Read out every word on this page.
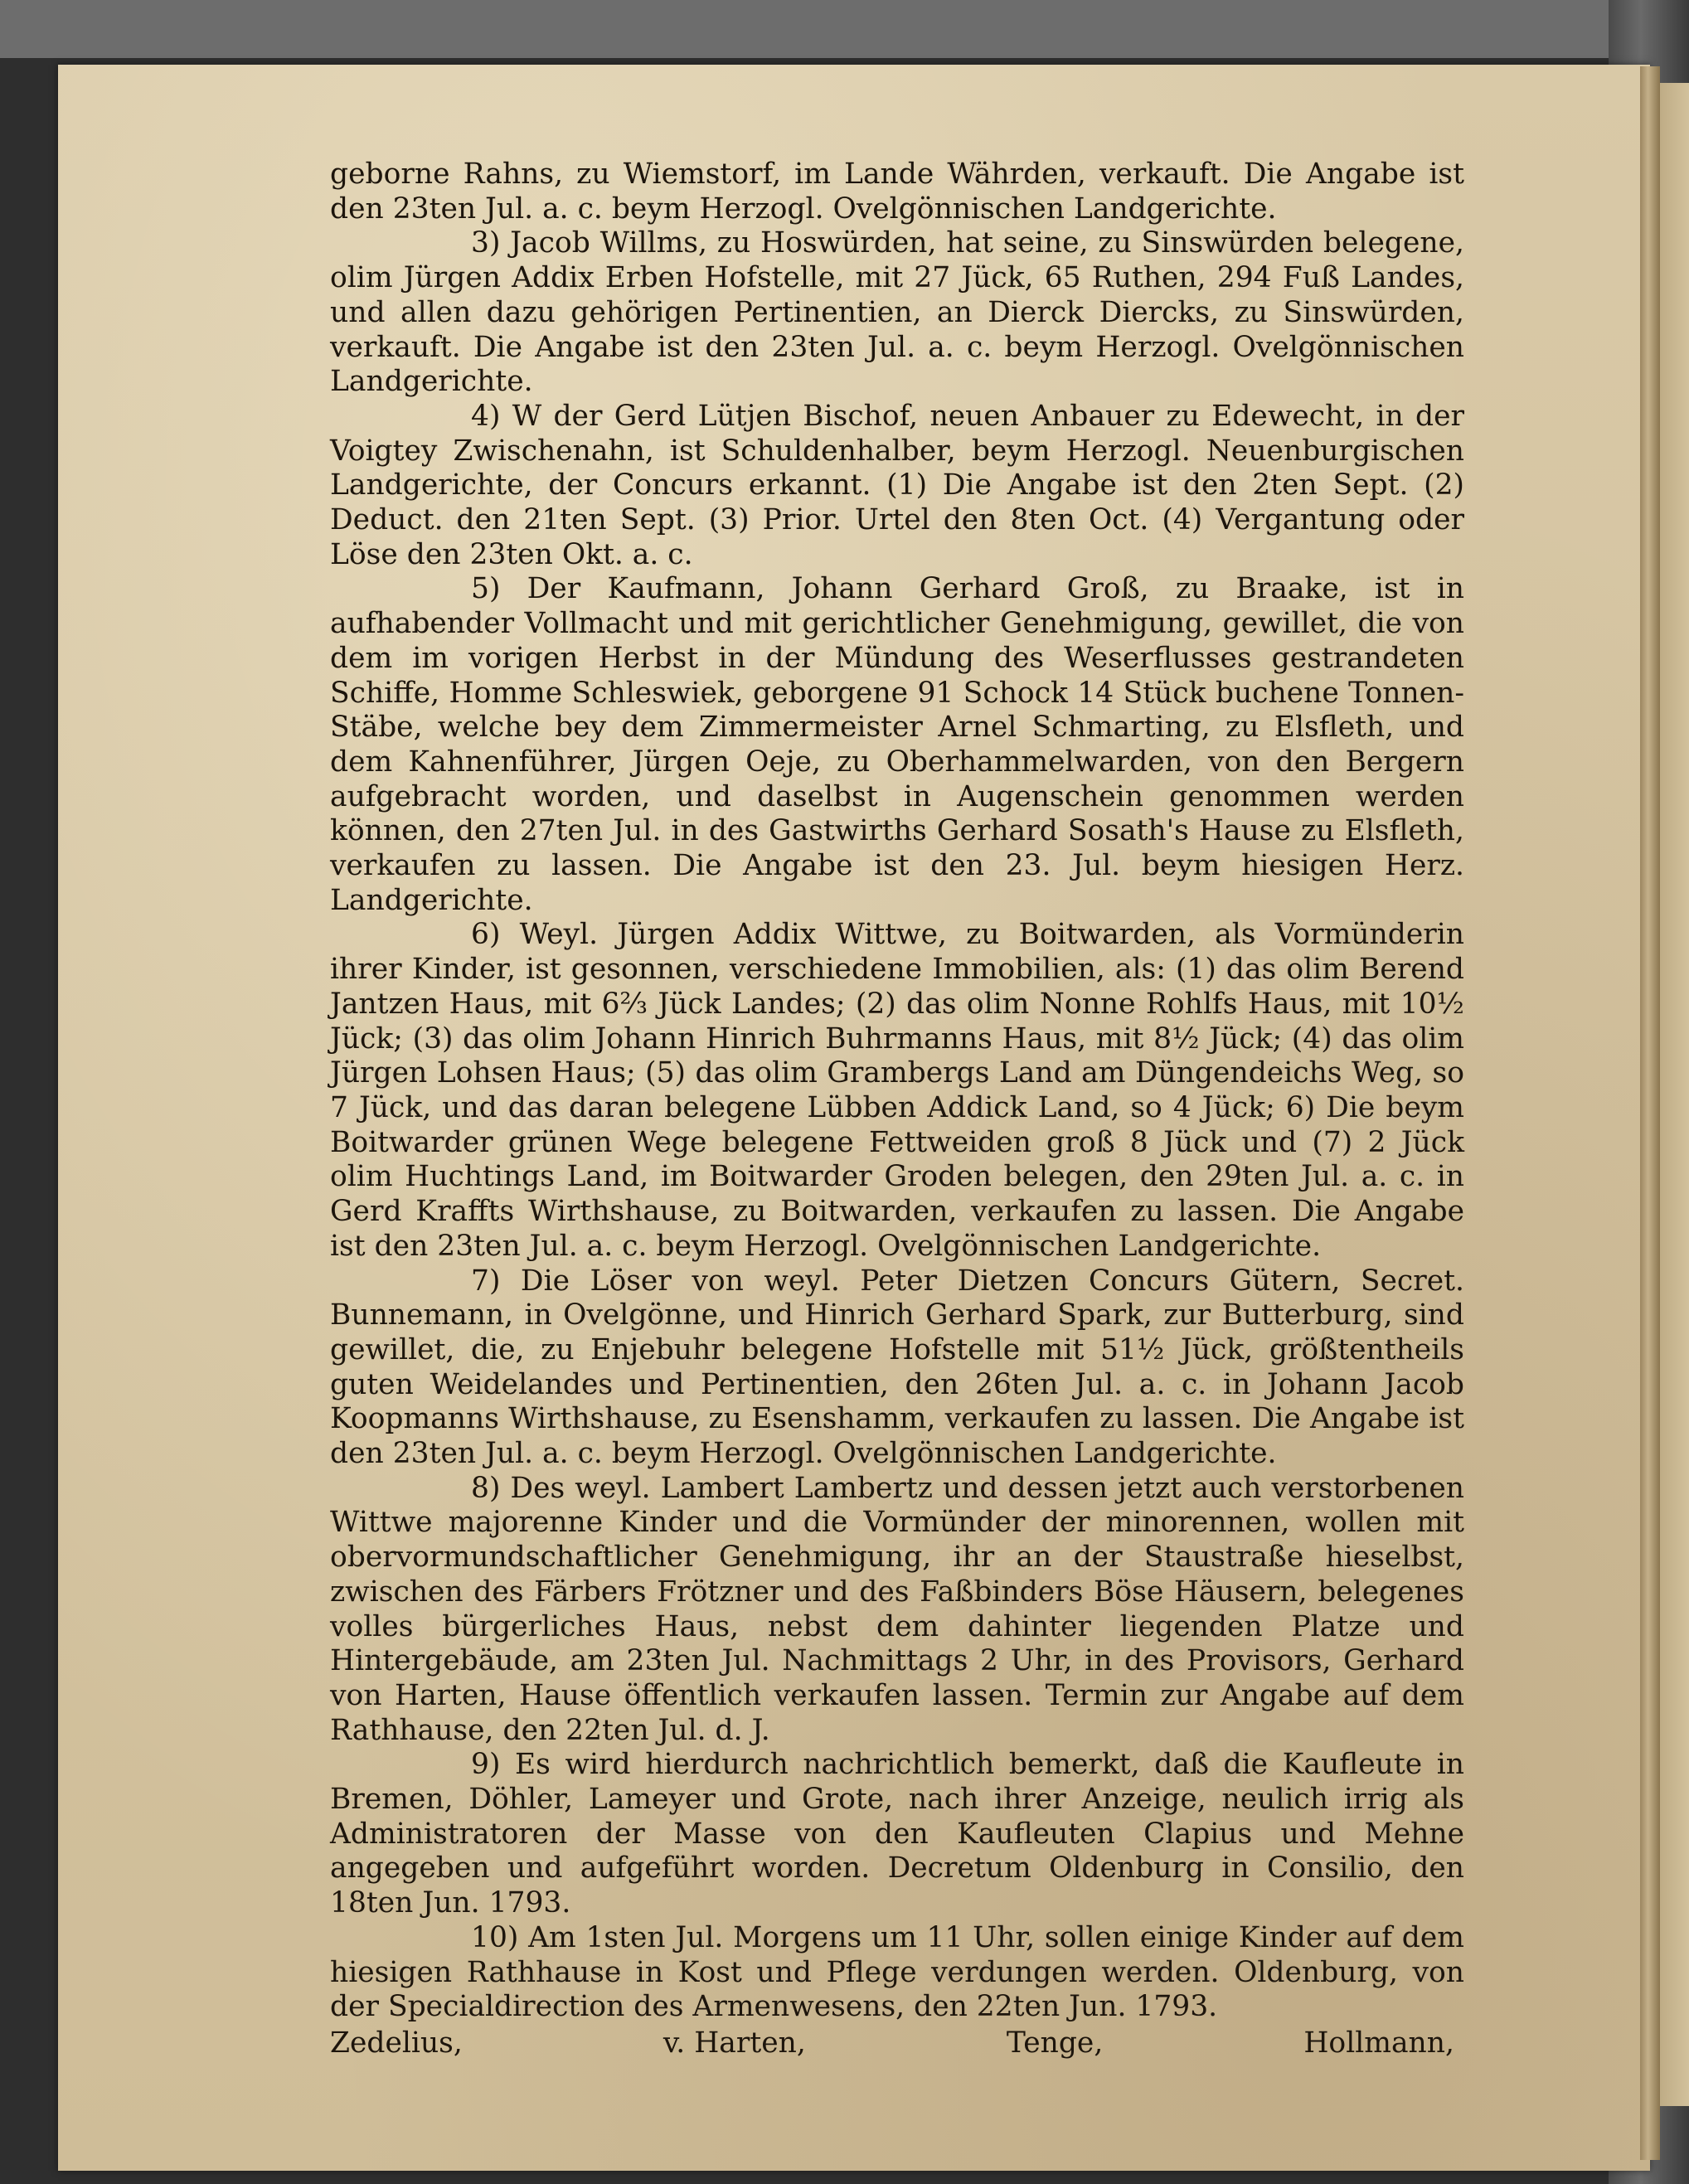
geborne Rahns, zu Wiemstorf, im Lande Währden, verkauft. Die Angabe ist den 23ten Jul. a. c. beym Herzogl. Ovelgönnischen Landgerichte.

3) Jacob Willms, zu Hoswürden, hat seine, zu Sinswürden belegene, olim Jürgen Addix Erben Hofstelle, mit 27 Jück, 65 Ruthen, 294 Fuß Landes, und allen dazu gehörigen Pertinentien, an Dierck Diercks, zu Sinswürden, verkauft. Die Angabe ist den 23ten Jul. a. c. beym Herzogl. Ovelgönnischen Landgerichte.

4) W der Gerd Lütjen Bischof, neuen Anbauer zu Edewecht, in der Voigtey Zwischenahn, ist Schuldenhalber, beym Herzogl. Neuenburgischen Landgerichte, der Concurs erkannt. (1) Die Angabe ist den 2ten Sept. (2) Deduct. den 21ten Sept. (3) Prior. Urtel den 8ten Oct. (4) Vergantung oder Löse den 23ten Okt. a. c.

5) Der Kaufmann, Johann Gerhard Groß, zu Braake, ist in aufhabender Vollmacht und mit gerichtlicher Genehmigung, gewillet, die von dem im vorigen Herbst in der Mündung des Weserflusses gestrandeten Schiffe, Homme Schleswiek, geborgene 91 Schock 14 Stück buchene Tonnen-Stäbe, welche bey dem Zimmermeister Arnel Schmarting, zu Elsfleth, und dem Kahnenführer, Jürgen Oeje, zu Oberhammelwarden, von den Bergern aufgebracht worden, und daselbst in Augenschein genommen werden können, den 27ten Jul. in des Gastwirths Gerhard Sosath's Hause zu Elsfleth, verkaufen zu lassen. Die Angabe ist den 23. Jul. beym hiesigen Herz. Landgerichte.

6) Weyl. Jürgen Addix Wittwe, zu Boitwarden, als Vormünderin ihrer Kinder, ist gesonnen, verschiedene Immobilien, als: (1) das olim Berend Jantzen Haus, mit 6⅔ Jück Landes; (2) das olim Nonne Rohlfs Haus, mit 10½ Jück; (3) das olim Johann Hinrich Buhrmanns Haus, mit 8½ Jück; (4) das olim Jürgen Lohsen Haus; (5) das olim Grambergs Land am Düngendeichs Weg, so 7 Jück, und das daran belegene Lübben Addick Land, so 4 Jück; 6) Die beym Boitwarder grünen Wege belegene Fettweiden groß 8 Jück und (7) 2 Jück olim Huchtings Land, im Boitwarder Groden belegen, den 29ten Jul. a. c. in Gerd Kraffts Wirthshause, zu Boitwarden, verkaufen zu lassen. Die Angabe ist den 23ten Jul. a. c. beym Herzogl. Ovelgönnischen Landgerichte.

7) Die Löser von weyl. Peter Dietzen Concurs Gütern, Secret. Bunnemann, in Ovelgönne, und Hinrich Gerhard Spark, zur Butterburg, sind gewillet, die, zu Enjebuhr belegene Hofstelle mit 51½ Jück, größtentheils guten Weidelandes und Pertinentien, den 26ten Jul. a. c. in Johann Jacob Koopmanns Wirthshause, zu Esenshamm, verkaufen zu lassen. Die Angabe ist den 23ten Jul. a. c. beym Herzogl. Ovelgönnischen Landgerichte.

8) Des weyl. Lambert Lambertz und dessen jetzt auch verstorbenen Wittwe majorenne Kinder und die Vormünder der minorennen, wollen mit obervormundschaftlicher Genehmigung, ihr an der Staustraße hieselbst, zwischen des Färbers Frötzner und des Faßbinders Böse Häusern, belegenes volles bürgerliches Haus, nebst dem dahinter liegenden Platze und Hintergebäude, am 23ten Jul. Nachmittags 2 Uhr, in des Provisors, Gerhard von Harten, Hause öffentlich verkaufen lassen. Termin zur Angabe auf dem Rathhause, den 22ten Jul. d. J.

9) Es wird hierdurch nachrichtlich bemerkt, daß die Kaufleute in Bremen, Döhler, Lameyer und Grote, nach ihrer Anzeige, neulich irrig als Administratoren der Masse von den Kaufleuten Clapius und Mehne angegeben und aufgeführt worden. Decretum Oldenburg in Consilio, den 18ten Jun. 1793.

10) Am 1sten Jul. Morgens um 11 Uhr, sollen einige Kinder auf dem hiesigen Rathhause in Kost und Pflege verdungen werden. Oldenburg, von der Specialdirection des Armenwesens, den 22ten Jun. 1793.

Zedelius,	v. Harten,	Tenge,	Hollmann,
